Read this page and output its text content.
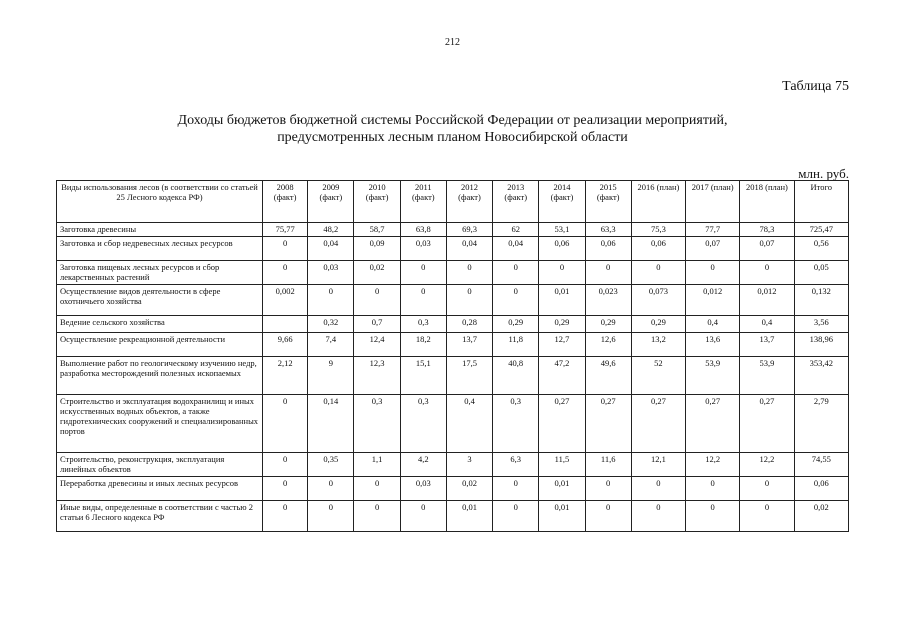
212
Таблица 75
Доходы бюджетов бюджетной системы Российской Федерации от реализации мероприятий,
предусмотренных лесным планом Новосибирской области
млн. руб.
Виды использования лесов (в соответствии со статьей 25 Лесного кодекса РФ)	2008 (факт)	2009 (факт)	2010 (факт)	2011 (факт)	2012 (факт)	2013 (факт)	2014 (факт)	2015 (факт)	2016 (план)	2017 (план)	2018 (план)	Итого
Заготовка древесины	75,77	48,2	58,7	63,8	69,3	62	53,1	63,3	75,3	77,7	78,3	725,47
Заготовка и сбор недревесных лесных ресурсов	0	0,04	0,09	0,03	0,04	0,04	0,06	0,06	0,06	0,07	0,07	0,56
Заготовка пищевых лесных ресурсов и сбор лекарственных растений	0	0,03	0,02	0	0	0	0	0	0	0	0	0,05
Осуществление видов деятельности в сфере охотничьего хозяйства	0,002	0	0	0	0	0	0,01	0,023	0,073	0,012	0,012	0,132
Ведение сельского хозяйства		0,32	0,7	0,3	0,28	0,29	0,29	0,29	0,29	0,4	0,4	3,56
Осуществление рекреационной деятельности	9,66	7,4	12,4	18,2	13,7	11,8	12,7	12,6	13,2	13,6	13,7	138,96
Выполнение работ по геологическому изучению недр, разработка месторождений полезных ископаемых	2,12	9	12,3	15,1	17,5	40,8	47,2	49,6	52	53,9	53,9	353,42
Строительство и эксплуатация водохранилищ и иных искусственных водных объектов, а также гидротехнических сооружений и специализированных портов	0	0,14	0,3	0,3	0,4	0,3	0,27	0,27	0,27	0,27	0,27	2,79
Строительство, реконструкция, эксплуатация линейных объектов	0	0,35	1,1	4,2	3	6,3	11,5	11,6	12,1	12,2	12,2	74,55
Переработка древесины и иных лесных ресурсов	0	0	0	0,03	0,02	0	0,01	0	0	0	0	0,06
Иные виды, определенные в соответствии с частью 2 статьи 6 Лесного кодекса РФ	0	0	0	0	0,01	0	0,01	0	0	0	0	0,02
